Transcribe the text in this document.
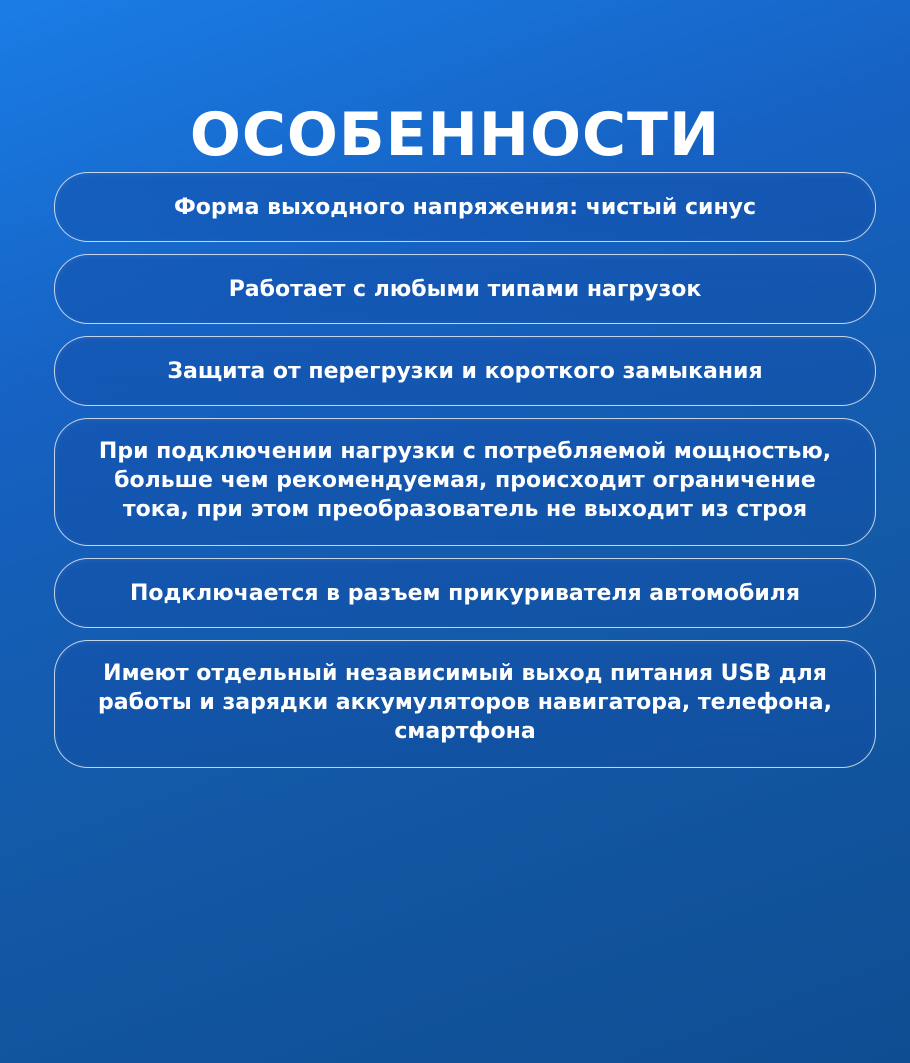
ОСОБЕННОСТИ
Форма выходного напряжения: чистый синус
Работает с любыми типами нагрузок
Защита от перегрузки и короткого замыкания
При подключении нагрузки с потребляемой мощностью, больше чем рекомендуемая, происходит ограничение тока, при этом преобразователь не выходит из строя
Подключается в разъем прикуривателя автомобиля
Имеют отдельный независимый выход питания USB для работы и зарядки аккумуляторов навигатора, телефона, смартфона
